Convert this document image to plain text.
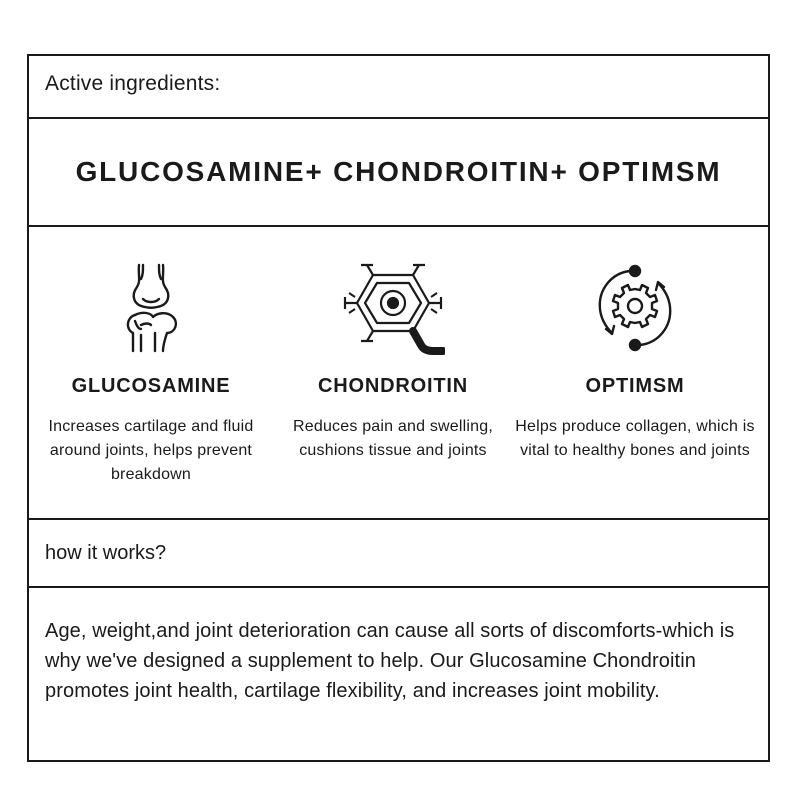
Active ingredients:
GLUCOSAMINE+ CHONDROITIN+ OPTIMSM
GLUCOSAMINE
Increases cartilage and fluid around joints, helps prevent breakdown
CHONDROITIN
Reduces pain and swelling, cushions tissue and joints
OPTIMSM
Helps produce collagen, which is vital to healthy bones and joints
how it works?

Age, weight,and joint deterioration can cause all sorts of discomforts-which is why we've designed a supplement to help. Our Glucosamine Chondroitin promotes joint health, cartilage flexibility, and increases joint mobility.
